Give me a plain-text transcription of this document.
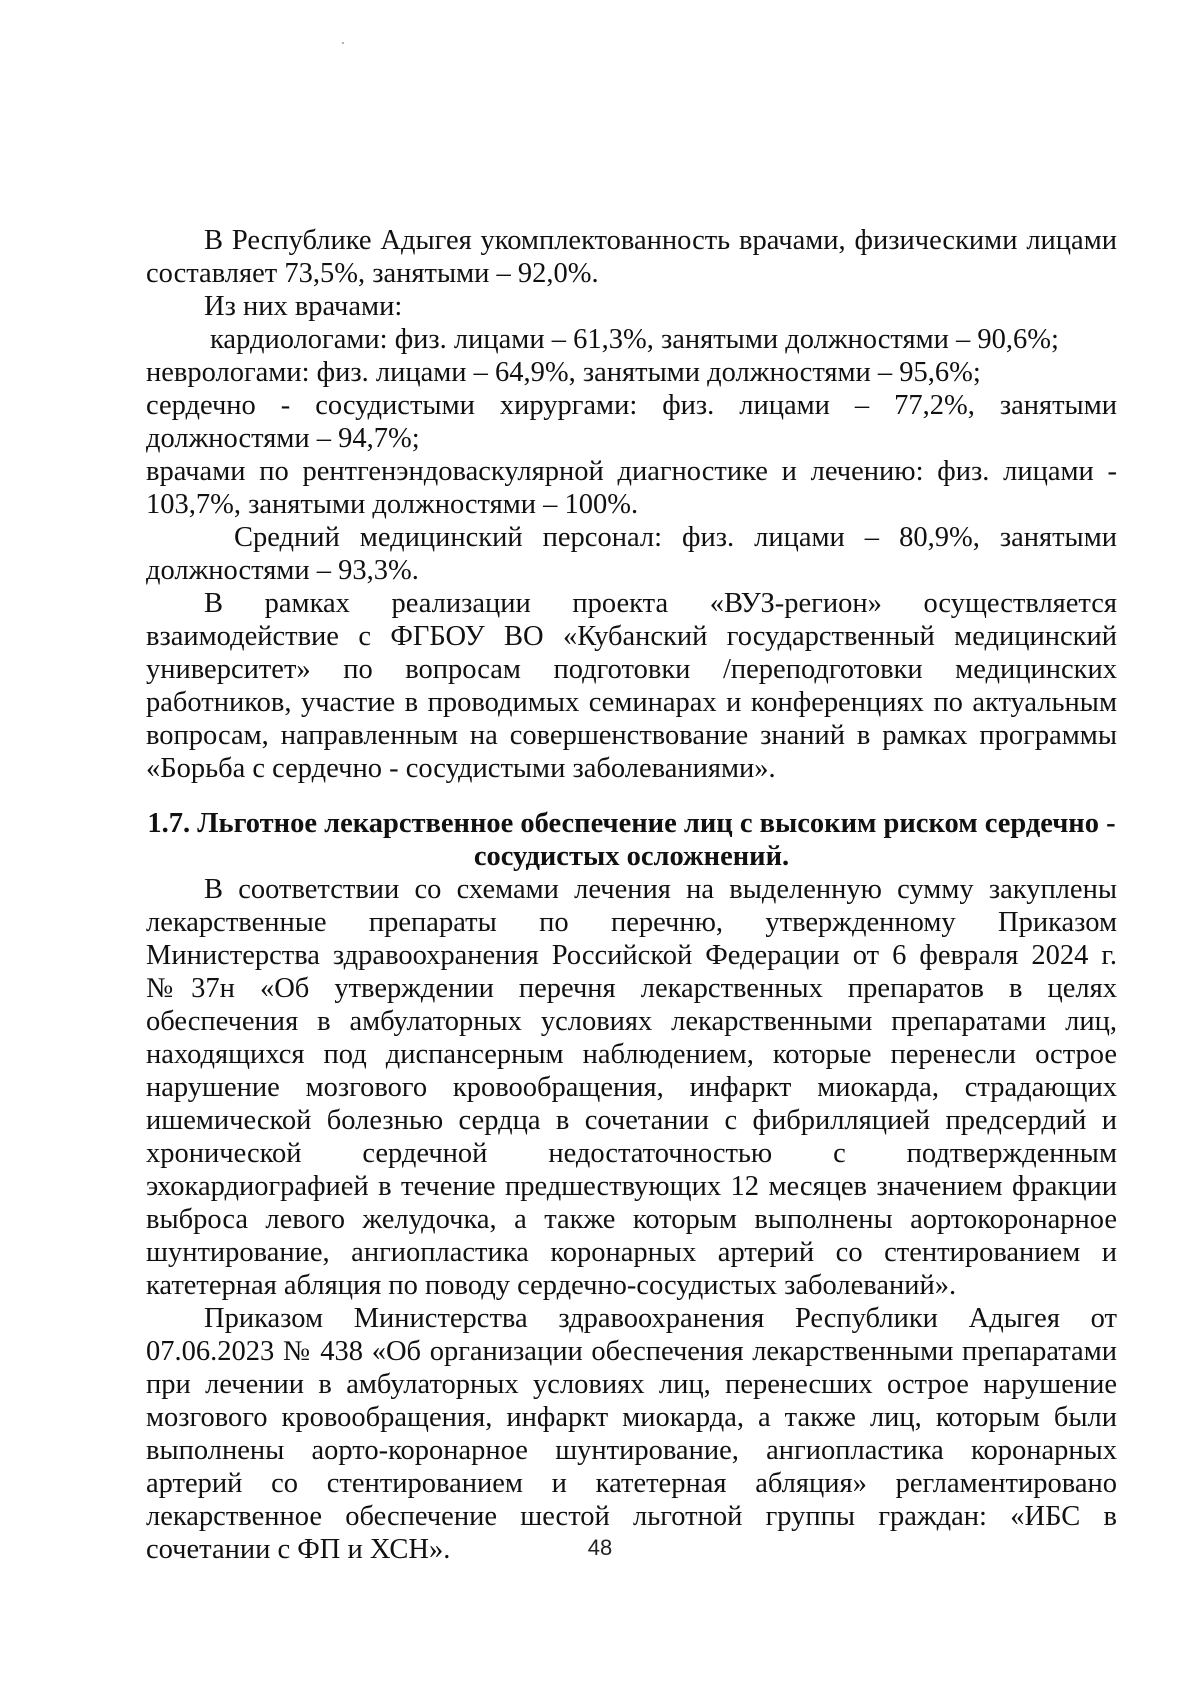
В Республике Адыгея укомплектованность врачами, физическими лицами составляет 73,5%, занятыми – 92,0%.

Из них врачами:

кардиологами: физ. лицами – 61,3%, занятыми должностями – 90,6%;

неврологами: физ. лицами – 64,9%, занятыми должностями – 95,6%;

сердечно - сосудистыми хирургами: физ. лицами – 77,2%, занятыми должностями – 94,7%;

врачами по рентгенэндоваскулярной диагностике и лечению: физ. лицами - 103,7%, занятыми должностями – 100%.

Средний медицинский персонал: физ. лицами – 80,9%, занятыми должностями – 93,3%.

В рамках реализации проекта «ВУЗ-регион» осуществляется взаимодействие с ФГБОУ ВО «Кубанский государственный медицинский университет» по вопросам подготовки /переподготовки медицинских работников, участие в проводимых семинарах и конференциях по актуальным вопросам, направленным на совершенствование знаний в рамках программы «Борьба с сердечно - сосудистыми заболеваниями».

1.7. Льготное лекарственное обеспечение лиц с высоким риском сердечно - сосудистых осложнений.

В соответствии со схемами лечения на выделенную сумму закуплены лекарственные препараты по перечню, утвержденному Приказом Министерства здравоохранения Российской Федерации от 6 февраля 2024 г. №37н «Об утверждении перечня лекарственных препаратов в целях обеспечения в амбулаторных условиях лекарственными препаратами лиц, находящихся под диспансерным наблюдением, которые перенесли острое нарушение мозгового кровообращения, инфаркт миокарда, страдающих ишемической болезнью сердца в сочетании с фибрилляцией предсердий и хронической сердечной недостаточностью с подтвержденным эхокардиографией в течение предшествующих 12 месяцев значением фракции выброса левого желудочка, а также которым выполнены аортокоронарное шунтирование, ангиопластика коронарных артерий со стентированием и катетерная абляция по поводу сердечно-сосудистых заболеваний».

Приказом Министерства здравоохранения Республики Адыгея от 07.06.2023 № 438 «Об организации обеспечения лекарственными препаратами при лечении в амбулаторных условиях лиц, перенесших острое нарушение мозгового кровообращения, инфаркт миокарда, а также лиц, которым были выполнены аорто-коронарное шунтирование, ангиопластика коронарных артерий со стентированием и катетерная абляция» регламентировано лекарственное обеспечение шестой льготной группы граждан: «ИБС в сочетании с ФП и ХСН».	48
